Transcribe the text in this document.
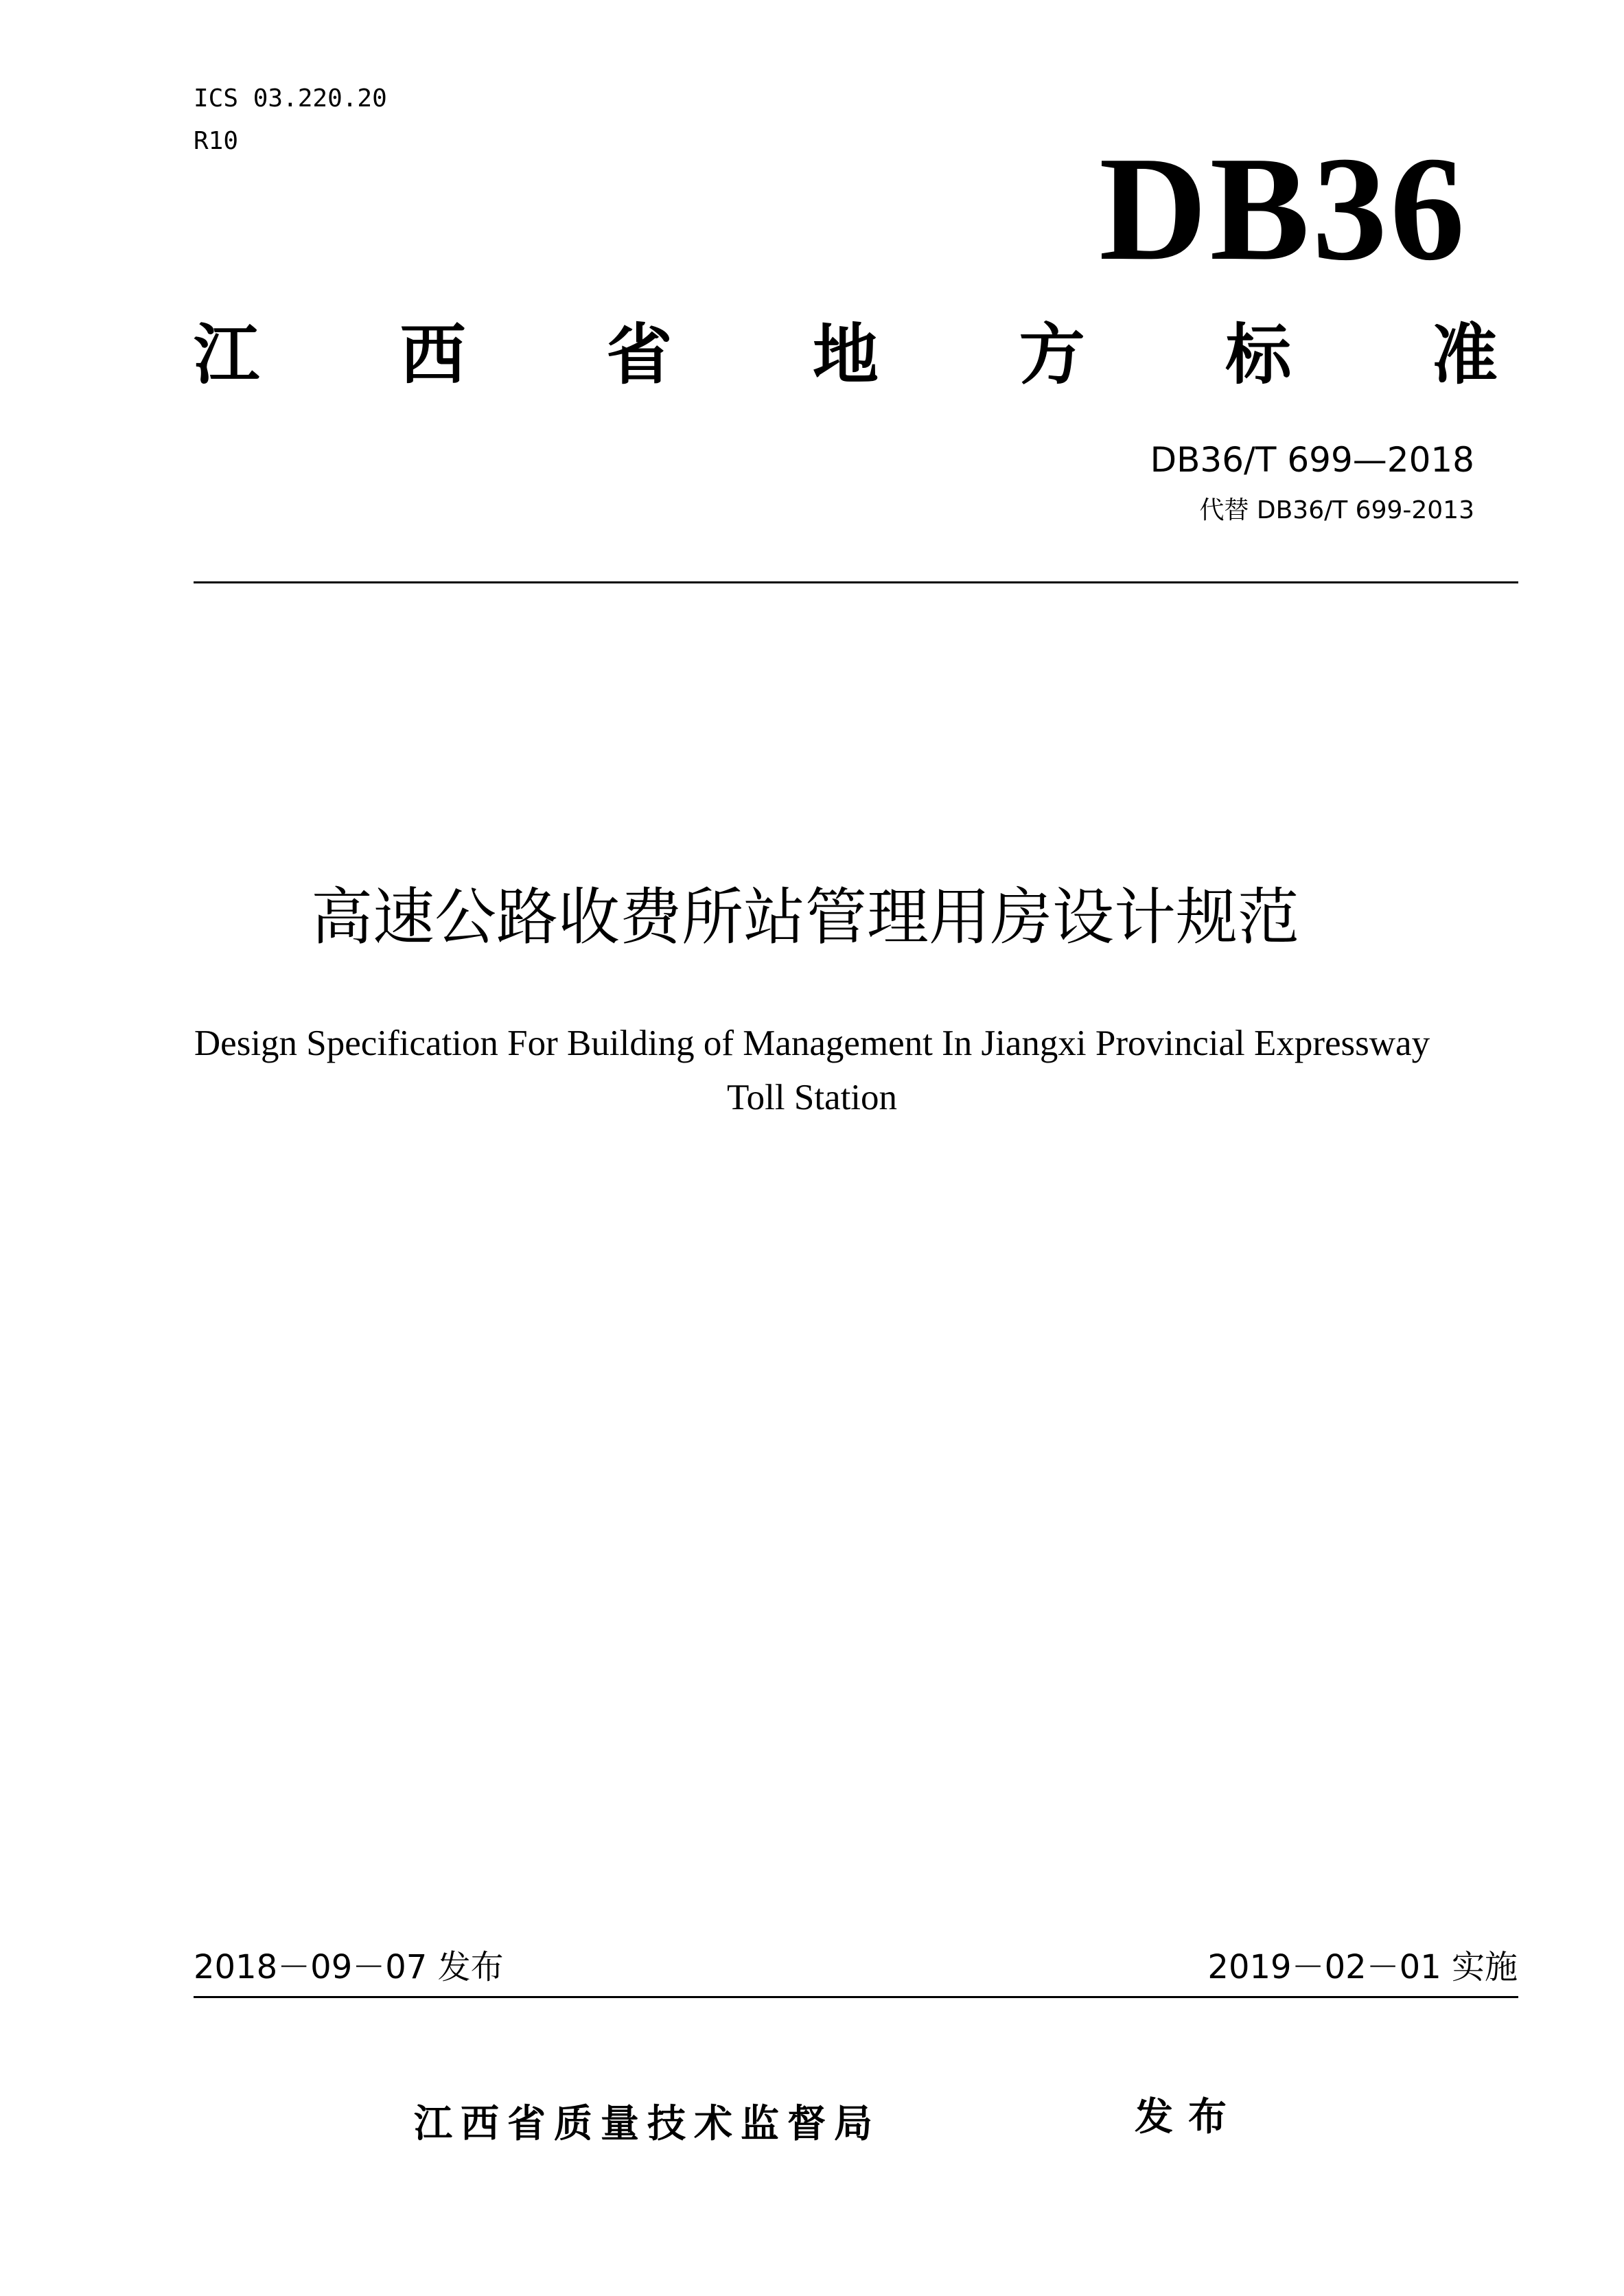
ICS 03.220.20
R10	DB36
江 西 省 地 方 标 准
DB36/T 699—2018
代替 DB36/T 699-2013
高速公路收费所站管理用房设计规范
Design Specification For Building of Management In Jiangxi Provincial Expressway
Toll Station
2018－09－07 发布	2019－02－01 实施
江西省质量技术监督局	发布
